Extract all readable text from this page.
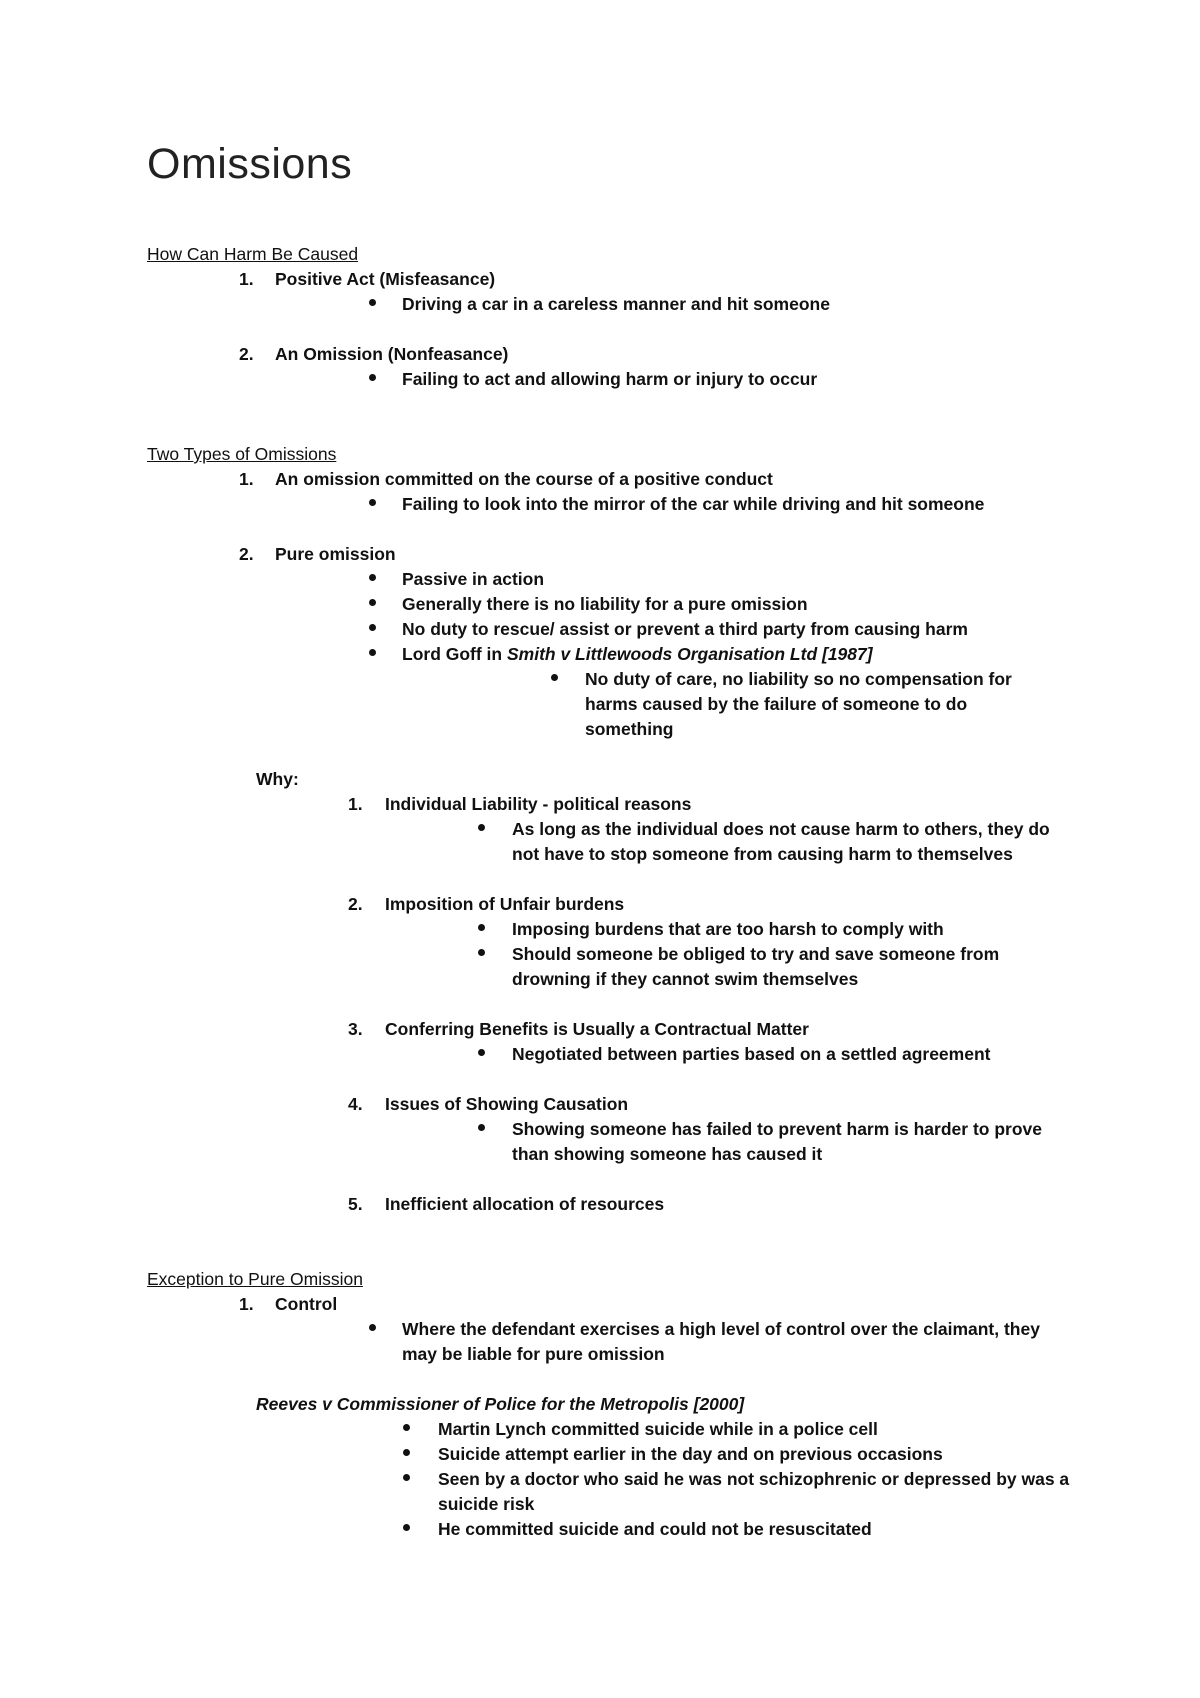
Omissions
How Can Harm Be Caused
1. Positive Act (Misfeasance)
Driving a car in a careless manner and hit someone
2. An Omission (Nonfeasance)
Failing to act and allowing harm or injury to occur
Two Types of Omissions
1. An omission committed on the course of a positive conduct
Failing to look into the mirror of the car while driving and hit someone
2. Pure omission
Passive in action
Generally there is no liability for a pure omission
No duty to rescue/ assist or prevent a third party from causing harm
Lord Goff in Smith v Littlewoods Organisation Ltd [1987]
No duty of care, no liability so no compensation for
harms caused by the failure of someone to do
something
Why:
1. Individual Liability - political reasons
As long as the individual does not cause harm to others, they do
not have to stop someone from causing harm to themselves
2. Imposition of Unfair burdens
Imposing burdens that are too harsh to comply with
Should someone be obliged to try and save someone from
drowning if they cannot swim themselves
3. Conferring Benefits is Usually a Contractual Matter
Negotiated between parties based on a settled agreement
4. Issues of Showing Causation
Showing someone has failed to prevent harm is harder to prove
than showing someone has caused it
5. Inefficient allocation of resources
Exception to Pure Omission
1. Control
Where the defendant exercises a high level of control over the claimant, they
may be liable for pure omission
Reeves v Commissioner of Police for the Metropolis [2000]
Martin Lynch committed suicide while in a police cell
Suicide attempt earlier in the day and on previous occasions
Seen by a doctor who said he was not schizophrenic or depressed by was a
suicide risk
He committed suicide and could not be resuscitated
